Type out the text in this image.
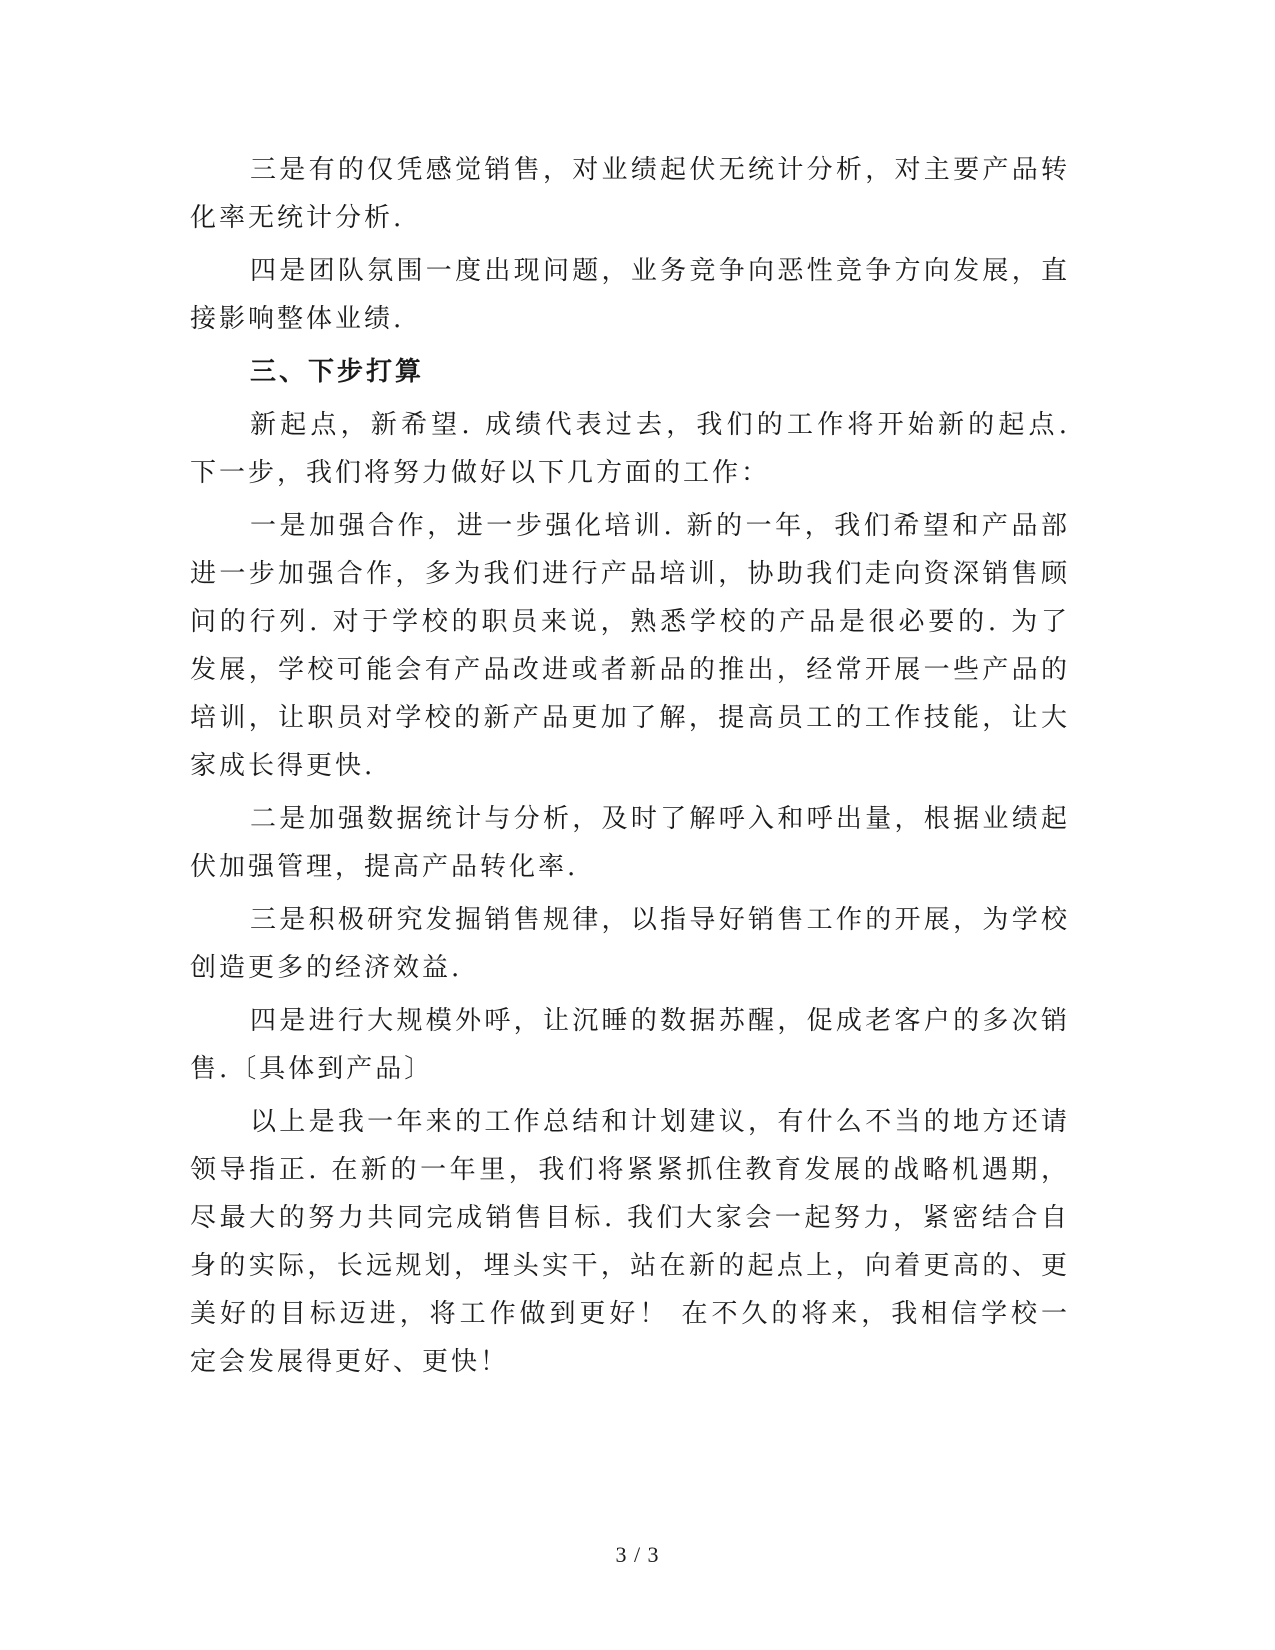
三是有的仅凭感觉销售，对业绩起伏无统计分析，对主要产品转化率无统计分析.

四是团队氛围一度出现问题，业务竞争向恶性竞争方向发展，直接影响整体业绩.

三、下步打算

新起点，新希望. 成绩代表过去，我们的工作将开始新的起点. 下一步，我们将努力做好以下几方面的工作：

一是加强合作，进一步强化培训. 新的一年，我们希望和产品部进一步加强合作，多为我们进行产品培训，协助我们走向资深销售顾问的行列. 对于学校的职员来说，熟悉学校的产品是很必要的. 为了发展，学校可能会有产品改进或者新品的推出，经常开展一些产品的培训，让职员对学校的新产品更加了解，提高员工的工作技能，让大家成长得更快.

二是加强数据统计与分析，及时了解呼入和呼出量，根据业绩起伏加强管理，提高产品转化率.

三是积极研究发掘销售规律，以指导好销售工作的开展，为学校创造更多的经济效益.

四是进行大规模外呼，让沉睡的数据苏醒，促成老客户的多次销售.〔具体到产品〕

以上是我一年来的工作总结和计划建议，有什么不当的地方还请领导指正. 在新的一年里，我们将紧紧抓住教育发展的战略机遇期，尽最大的努力共同完成销售目标. 我们大家会一起努力，紧密结合自身的实际，长远规划，埋头实干，站在新的起点上，向着更高的、更美好的目标迈进，将工作做到更好！ 在不久的将来，我相信学校一定会发展得更好、更快！

3 / 3
